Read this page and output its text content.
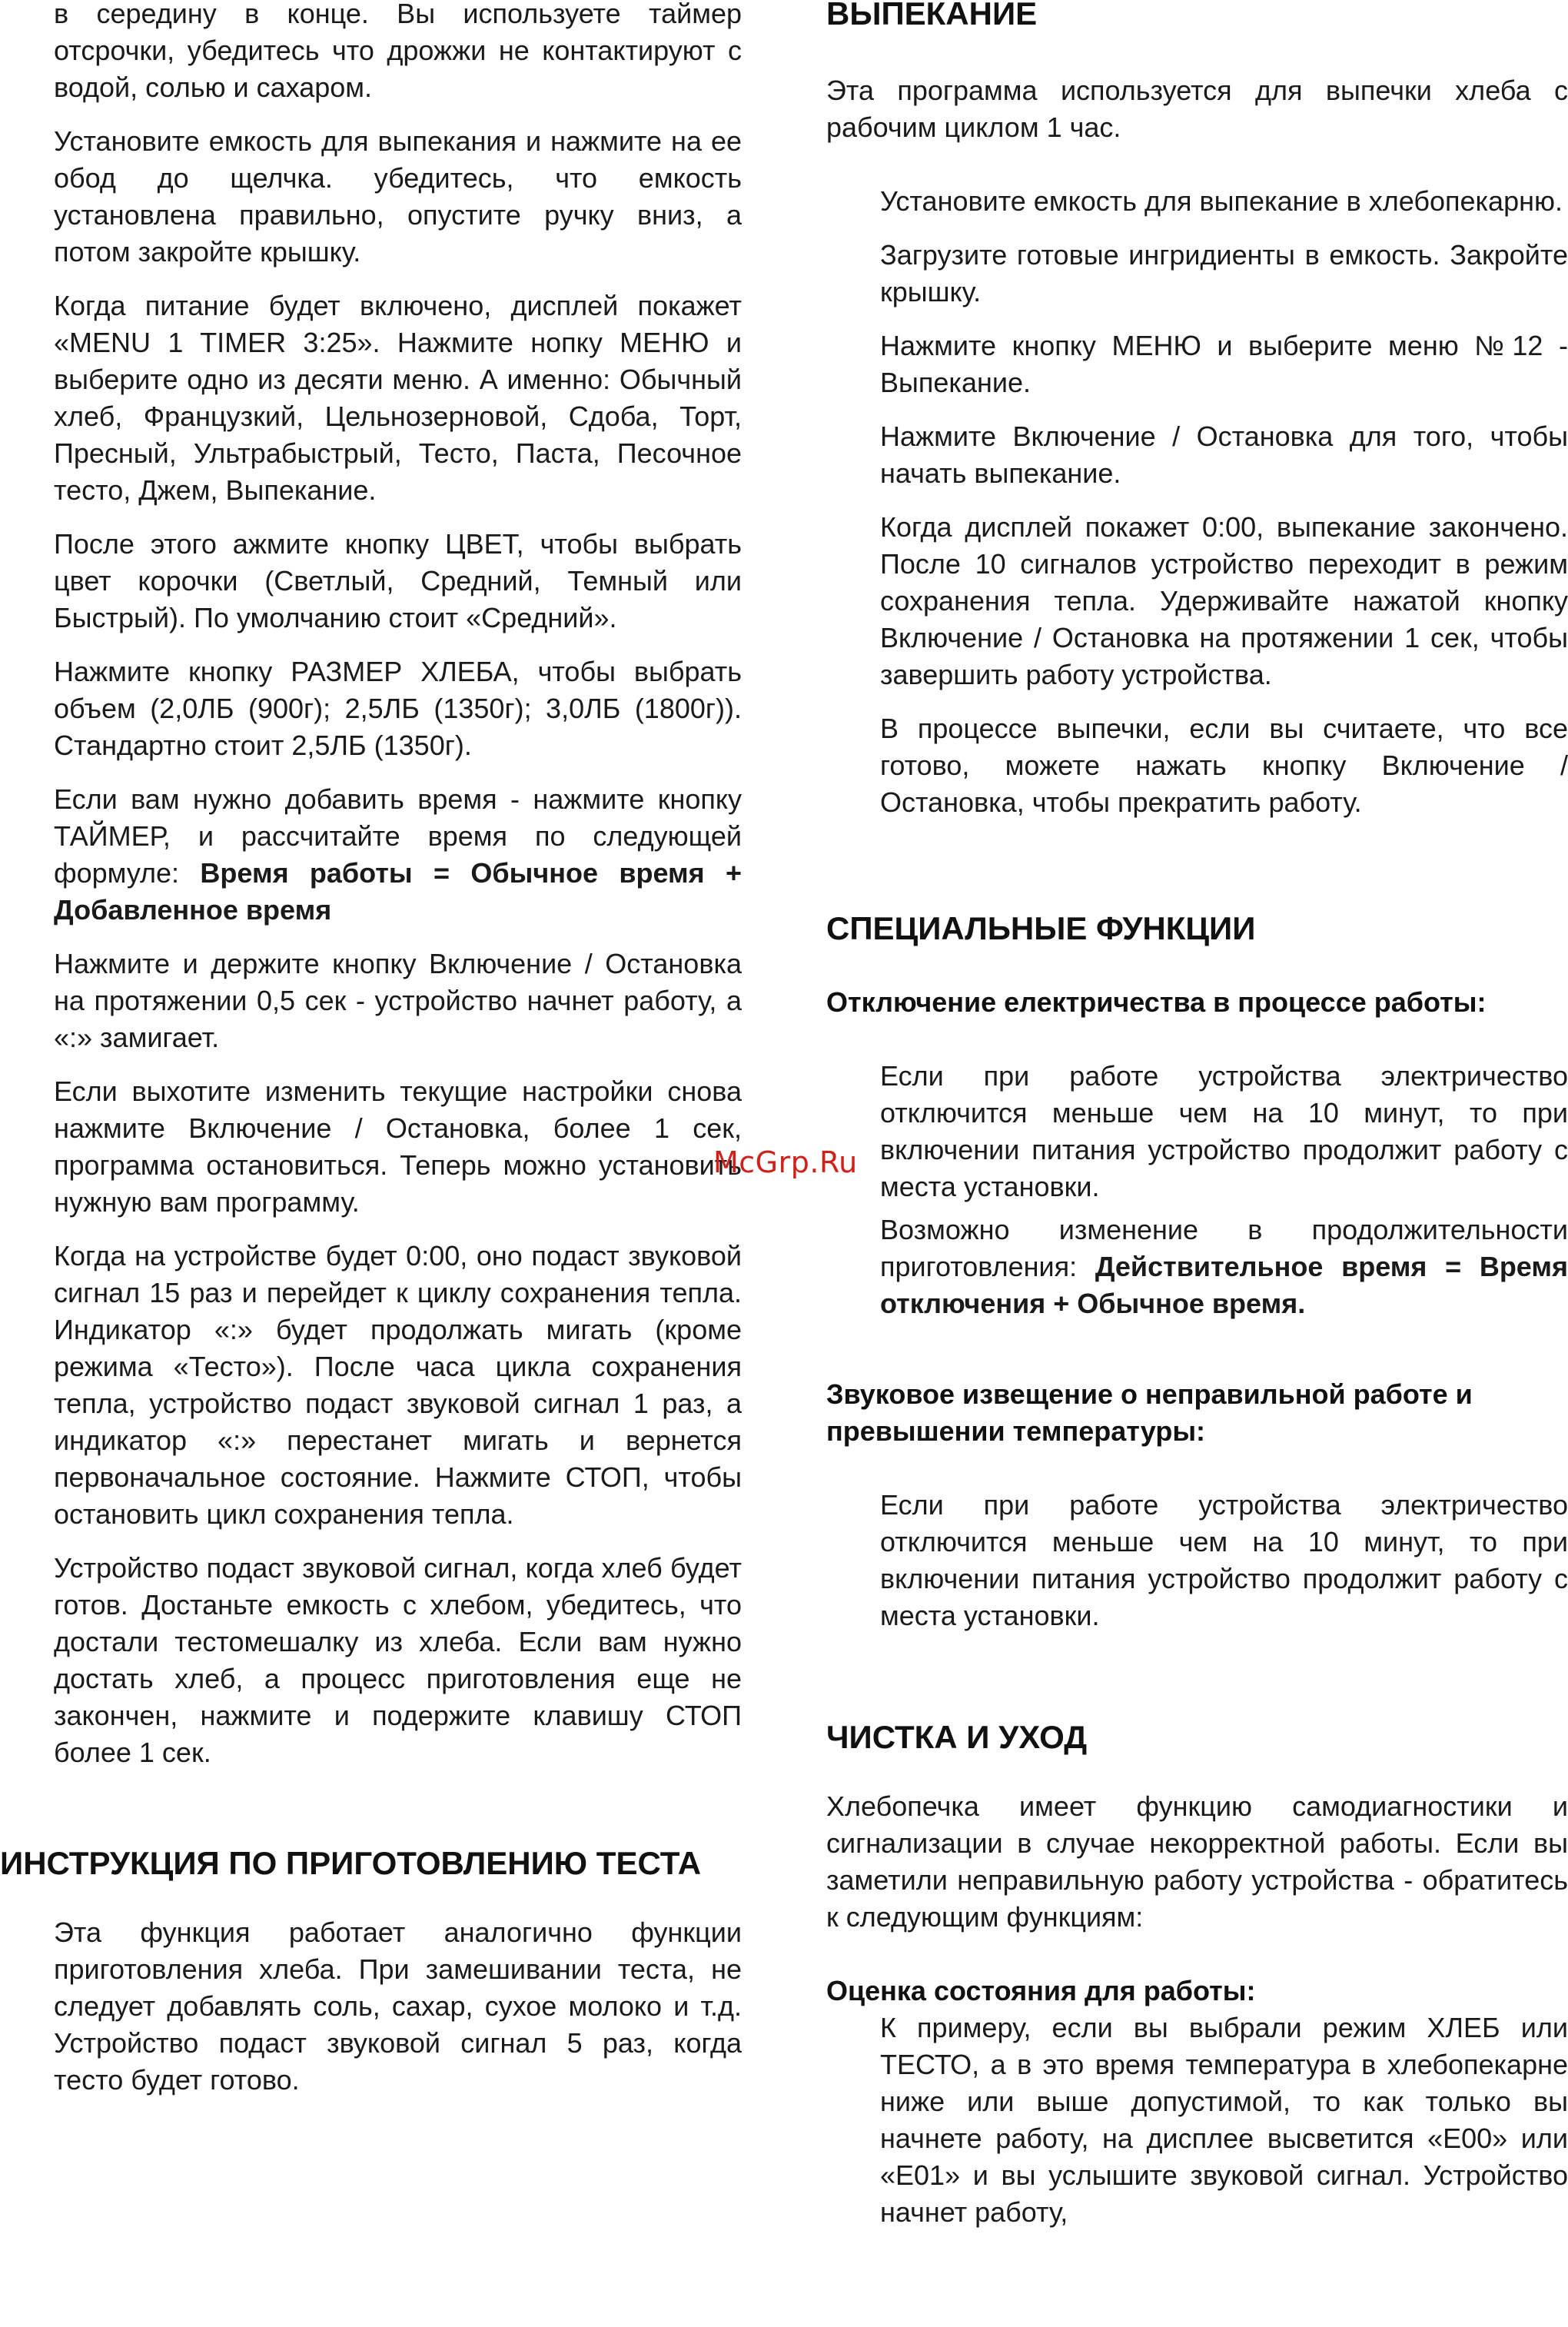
в середину в конце. Вы используете таймер отсрочки, убедитесь что дрожжи не контактируют с водой, солью и сахаром.

Установите емкость для выпекания и нажмите на ее обод до щелчка. убедитесь, что емкость установлена правильно, опустите ручку вниз, а потом закройте крышку.

Когда питание будет включено, дисплей покажет «MENU 1 TIMER 3:25». Нажмите нопку МЕНЮ и выберите одно из десяти меню. А именно: Обычный хлеб, Французкий, Цельнозерновой, Сдоба, Торт, Пресный, Ультрабыстрый, Тесто, Паста, Песочное тесто, Джем, Выпекание.

После этого ажмите кнопку ЦВЕТ, чтобы выбрать цвет корочки (Светлый, Средний, Темный или Быстрый). По умолчанию стоит «Средний».

Нажмите кнопку РАЗМЕР ХЛЕБА, чтобы выбрать объем (2,0ЛБ (900г); 2,5ЛБ (1350г); 3,0ЛБ (1800г)). Стандартно стоит 2,5ЛБ (1350г).

Если вам нужно добавить время - нажмите кнопку ТАЙМЕР, и рассчитайте время по следующей формуле: Время работы = Обычное время + Добавленное время

Нажмите и держите кнопку Включение / Остановка на протяжении 0,5 сек - устройство начнет работу, а «:» замигает.

Если выхотите изменить текущие настройки снова нажмите Включение / Остановка, более 1 сек, программа остановиться. Теперь можно установить нужную вам программу.

Когда на устройстве будет 0:00, оно подаст звуковой сигнал 15 раз и перейдет к циклу сохранения тепла. Индикатор «:» будет продолжать мигать (кроме режима «Тесто»). После часа цикла сохранения тепла, устройство подаст звуковой сигнал 1 раз, а индикатор «:» перестанет мигать и вернется первоначальное состояние. Нажмите СТОП, чтобы остановить цикл сохранения тепла.

Устройство подаст звуковой сигнал, когда хлеб будет готов. Достаньте емкость с хлебом, убедитесь, что достали тестомешалку из хлеба. Если вам нужно достать хлеб, а процесс приготовления еще не закончен, нажмите и подержите клавишу СТОП более 1 сек.

ИНСТРУКЦИЯ ПО ПРИГОТОВЛЕНИЮ ТЕСТА

Эта функция работает аналогично функции приготовления хлеба. При замешивании теста, не следует добавлять соль, сахар, сухое молоко и т.д. Устройство подаст звуковой сигнал 5 раз, когда тесто будет готово.

ВЫПЕКАНИЕ

Эта программа используется для выпечки хлеба с рабочим циклом 1 час.

Установите емкость для выпекание в хлебопекарню.

Загрузите готовые ингридиенты в емкость. Закройте крышку.

Нажмите кнопку МЕНЮ и выберите меню №12 - Выпекание.

Нажмите Включение / Остановка для того, чтобы начать выпекание.

Когда дисплей покажет 0:00, выпекание закончено. После 10 сигналов устройство переходит в режим сохранения тепла. Удерживайте нажатой кнопку Включение / Остановка на протяжении 1 сек, чтобы завершить работу устройства.

В процессе выпечки, если вы считаете, что все готово, можете нажать кнопку Включение / Остановка, чтобы прекратить работу.

СПЕЦИАЛЬНЫЕ ФУНКЦИИ
Отключение електричества в процессе работы:

Если при работе устройства электричество отключится меньше чем на 10 минут, то при включении питания устройство продолжит работу с места установки.

Возможно изменение в продолжительности приготовления: Действительное время = Время отключения + Обычное время.

Звуковое извещение о неправильной работе и превышении температуры:

Если при работе устройства электричество отключится меньше чем на 10 минут, то при включении питания устройство продолжит работу с места установки.

ЧИСТКА И УХОД

Хлебопечка имеет функцию самодиагностики и сигнализации в случае некорректной работы. Если вы заметили неправильную работу устройства - обратитесь к следующим функциям:

Оценка состояния для работы:

К примеру, если вы выбрали режим ХЛЕБ или ТЕСТО, а в это время температура в хлебопекарне ниже или выше допустимой, то как только вы начнете работу, на дисплее высветится «E00» или «E01» и вы услышите звуковой сигнал. Устройство начнет работу,

McGrp.Ru
